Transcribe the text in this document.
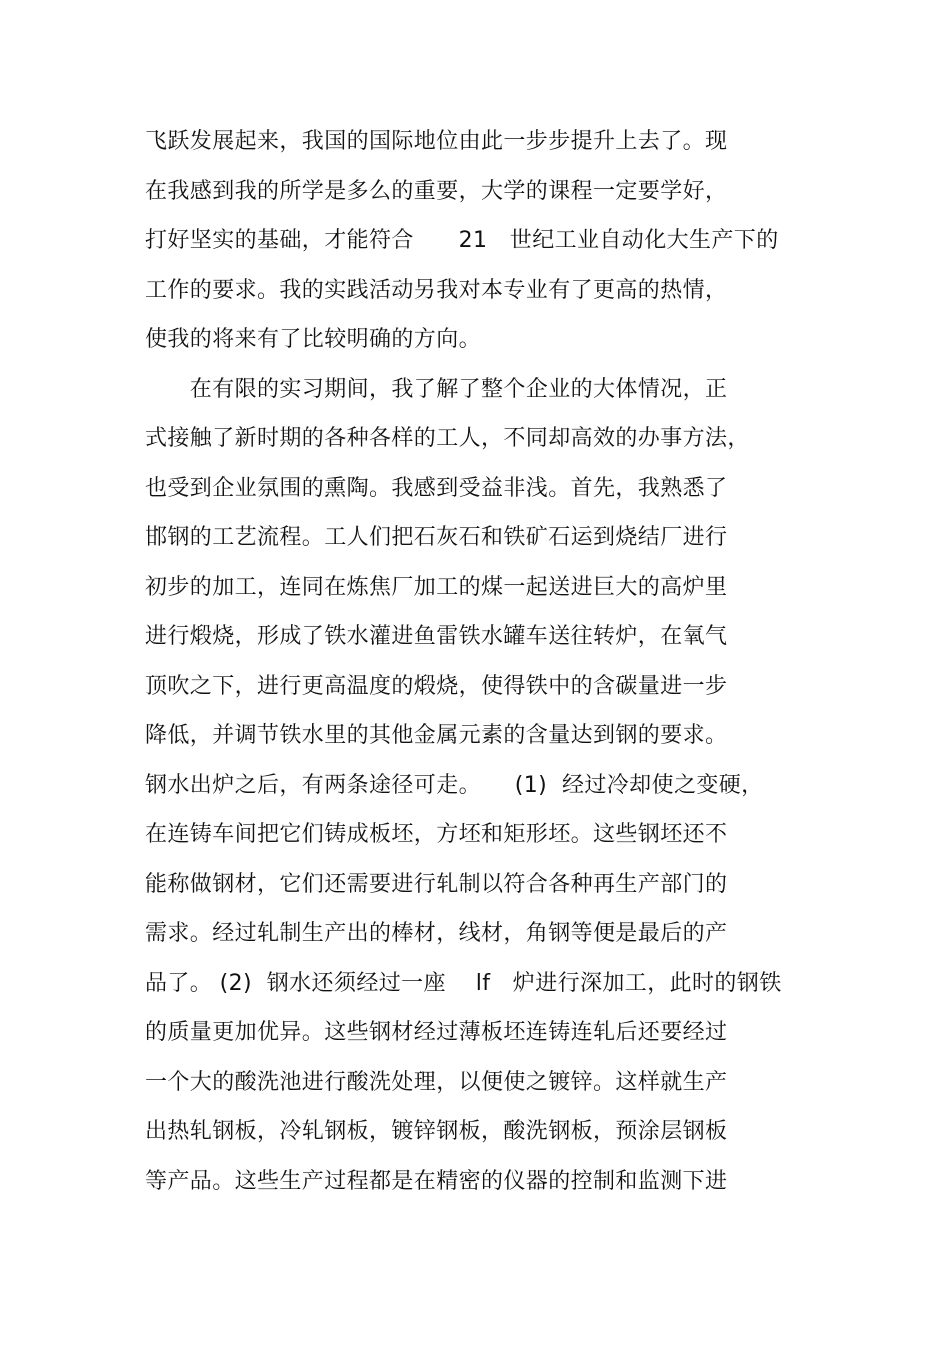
飞跃发展起来，我国的国际地位由此一步步提升上去了。现
在我感到我的所学是多么的重要，大学的课程一定要学好，
打好坚实的基础，才能符合　　21　世纪工业自动化大生产下的
工作的要求。我的实践活动另我对本专业有了更高的热情，
使我的将来有了比较明确的方向。
　　在有限的实习期间，我了解了整个企业的大体情况，正
式接触了新时期的各种各样的工人，不同却高效的办事方法，
也受到企业氛围的熏陶。我感到受益非浅。首先，我熟悉了
邯钢的工艺流程。工人们把石灰石和铁矿石运到烧结厂进行
初步的加工，连同在炼焦厂加工的煤一起送进巨大的高炉里
进行煅烧，形成了铁水灌进鱼雷铁水罐车送往转炉，在氧气
顶吹之下，进行更高温度的煅烧，使得铁中的含碳量进一步
降低，并调节铁水里的其他金属元素的含量达到钢的要求。
钢水出炉之后，有两条途径可走。　　(1)  经过冷却使之变硬，
在连铸车间把它们铸成板坯，方坯和矩形坯。这些钢坯还不
能称做钢材，它们还需要进行轧制以符合各种再生产部门的
需求。经过轧制生产出的棒材，线材，角钢等便是最后的产
品了。 (2)  钢水还须经过一座　 lf　炉进行深加工，此时的钢铁
的质量更加优异。这些钢材经过薄板坯连铸连轧后还要经过
一个大的酸洗池进行酸洗处理，以便使之镀锌。这样就生产
出热轧钢板，冷轧钢板，镀锌钢板，酸洗钢板，预涂层钢板
等产品。这些生产过程都是在精密的仪器的控制和监测下进
